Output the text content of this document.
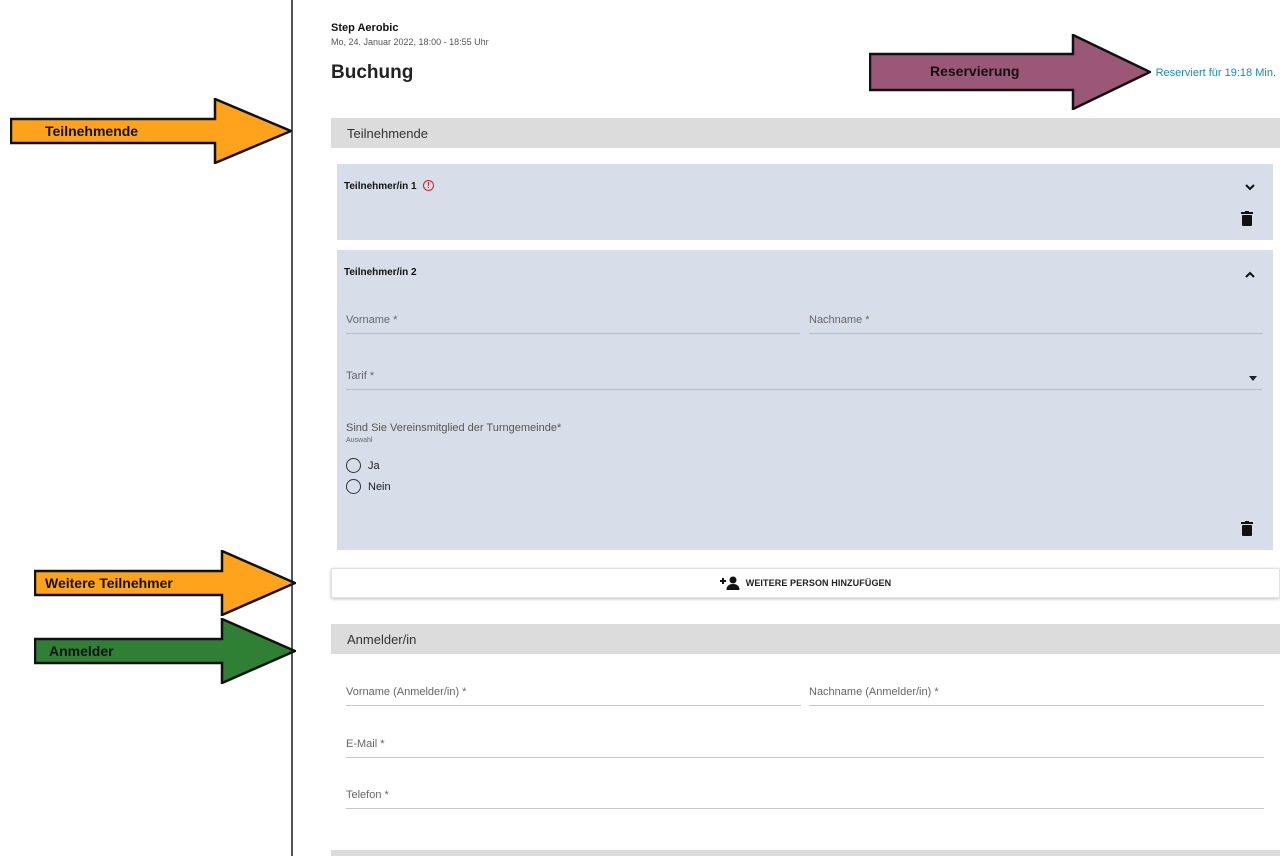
Teilnehmende
Weitere Teilnehmer
Anmelder
Reservierung
Step Aerobic
Mo, 24. Januar 2022, 18:00 - 18:55 Uhr
Buchung	Reserviert für 19:18 Min.
Teilnehmende
Teilnehmer/in 1	!
Teilnehmer/in 2
Vorname *	Nachname *
Tarif *
Sind Sie Vereinsmitglied der Turngemeinde*
Auswahl
Ja
Nein
WEITERE PERSON HINZUFÜGEN
Anmelder/in
Vorname (Anmelder/in) *	Nachname (Anmelder/in) *
E-Mail *
Telefon *
